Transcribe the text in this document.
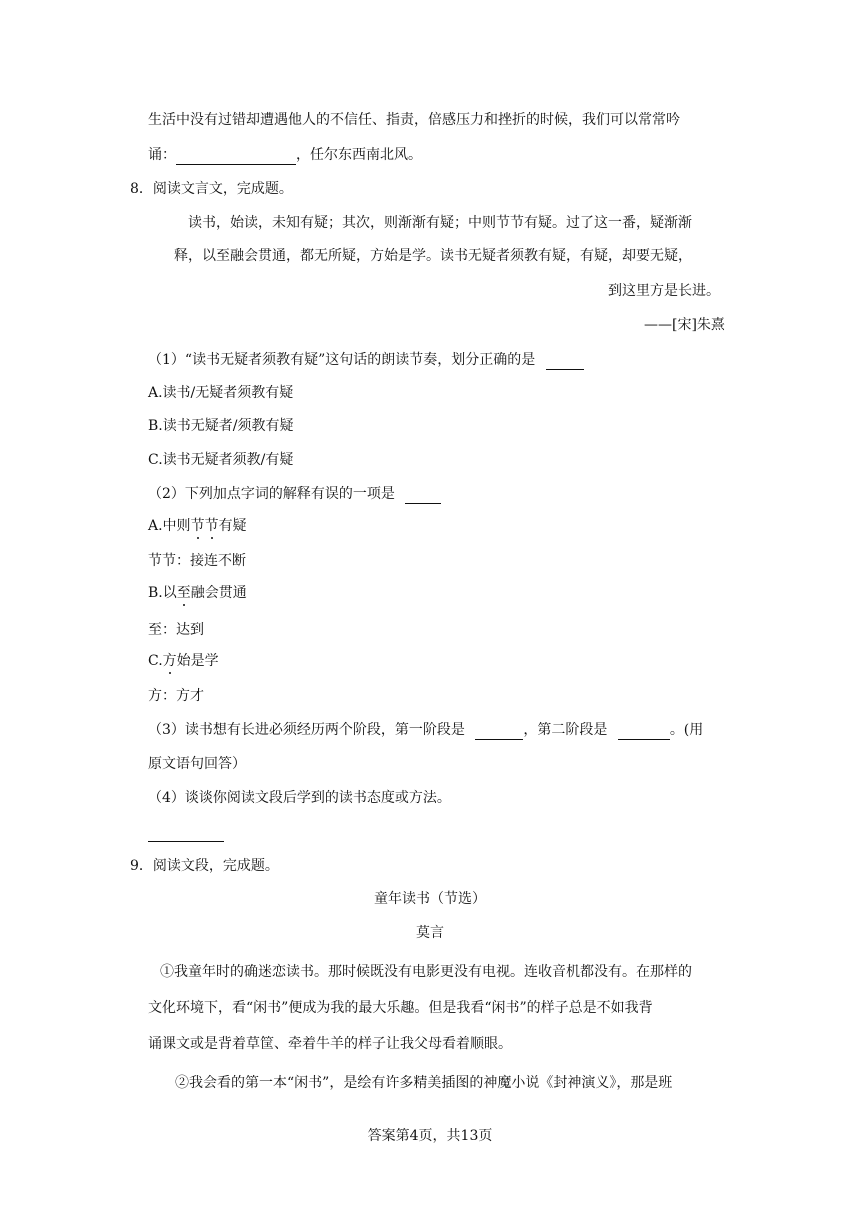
生活中没有过错却遭遇他人的不信任、指责，倍感压力和挫折的时候，我们可以常常吟
诵：	，任尔东西南北风。
8．阅读文言文，完成题。
读书，始读，未知有疑；其次，则渐渐有疑；中则节节有疑。过了这一番，疑渐渐
释，以至融会贯通，都无所疑，方始是学。读书无疑者须教有疑，有疑，却要无疑，
到这里方是长进。
——[宋]朱熹
（1）“读书无疑者须教有疑”这句话的朗读节奏，划分正确的是
A.读书/无疑者须教有疑
B.读书无疑者/须教有疑
C.读书无疑者须教/有疑
（2）下列加点字词的解释有误的一项是
A.中则节节有疑
节节：接连不断
B.以至融会贯通
至：达到
C.方始是学
方：方才
（3）读书想有长进必须经历两个阶段，第一阶段是	，第二阶段是	。(用
原文语句回答）
（4）谈谈你阅读文段后学到的读书态度或方法。
9．阅读文段，完成题。
童年读书（节选）
莫言
①我童年时的确迷恋读书。那时候既没有电影更没有电视。连收音机都没有。在那样的
文化环境下，看“闲书”便成为我的最大乐趣。但是我看“闲书”的样子总是不如我背
诵课文或是背着草筐、牵着牛羊的样子让我父母看着顺眼。
②我会看的第一本“闲书”，是绘有许多精美插图的神魔小说《封神演义》，那是班
答案第4页，共13页
